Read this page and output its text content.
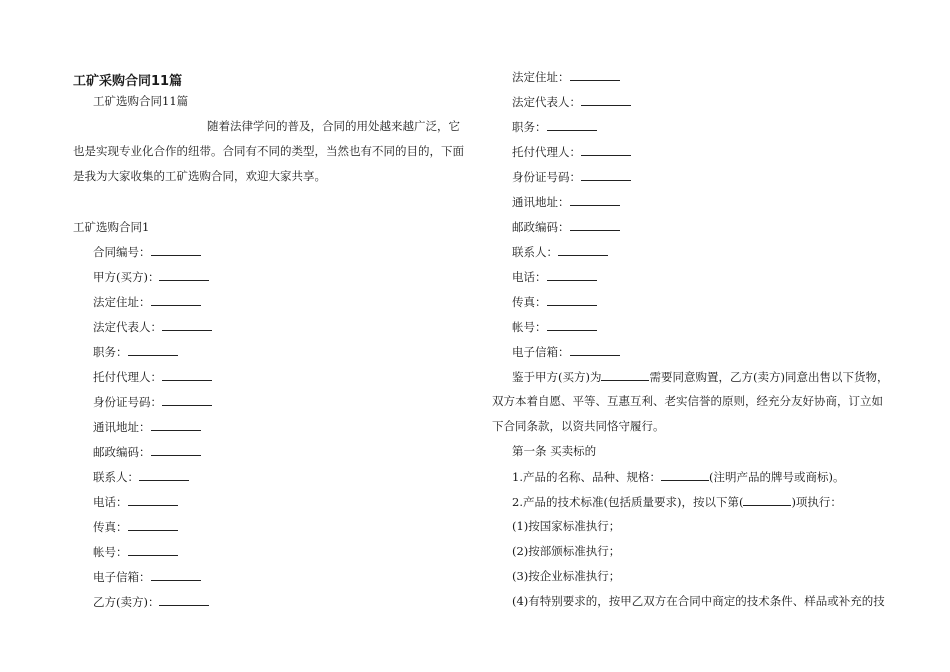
工矿采购合同11篇
工矿选购合同11篇
随着法律学问的普及，合同的用处越来越广泛，它
也是实现专业化合作的纽带。合同有不同的类型，当然也有不同的目的，下面
是我为大家收集的工矿选购合同，欢迎大家共享。
工矿选购合同1
合同编号：
甲方(买方)：
法定住址：
法定代表人：
职务：
托付代理人：
身份证号码：
通讯地址：
邮政编码：
联系人：
电话：
传真：
帐号：
电子信箱：
乙方(卖方)：
法定住址：
法定代表人：
职务：
托付代理人：
身份证号码：
通讯地址：
邮政编码：
联系人：
电话：
传真：
帐号：
电子信箱：
鉴于甲方(买方)为	需要同意购置，乙方(卖方)同意出售以下货物，
双方本着自愿、平等、互惠互利、老实信誉的原则，经充分友好协商，订立如
下合同条款，以资共同恪守履行。
第一条 买卖标的
1.产品的名称、品种、规格：	(注明产品的牌号或商标)。
2.产品的技术标准(包括质量要求)，按以下第(	)项执行：
(1)按国家标准执行；
(2)按部颁标准执行；
(3)按企业标准执行；
(4)有特别要求的，按甲乙双方在合同中商定的技术条件、样品或补充的技
